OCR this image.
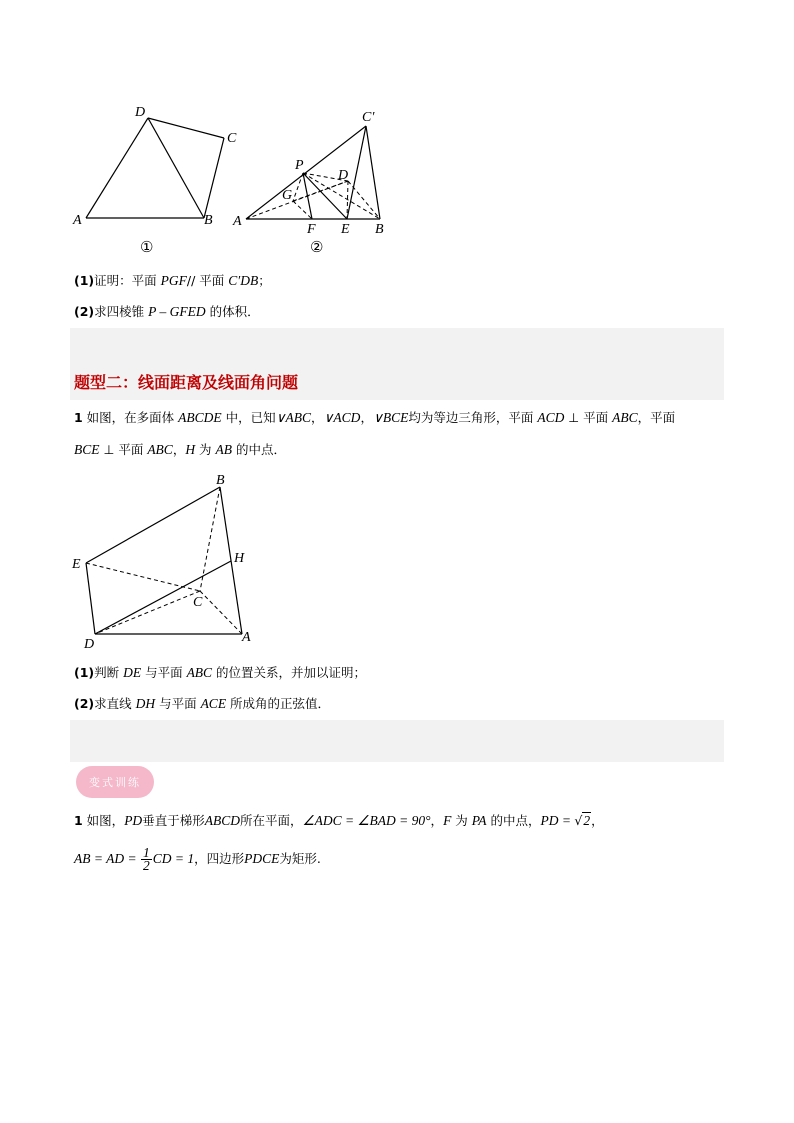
D
C
A	B
①
C′
P
D
G
A
F E B
②
(1)证明：平面 PGF// 平面 C′DB；
(2)求四棱锥 P – GFED 的体积．
题型二：线面距离及线面角问题
1 如图，在多面体 ABCDE 中，已知∨ABC，∨ACD，∨BCE均为等边三角形，平面 ACD ⊥ 平面 ABC，平面
BCE ⊥ 平面 ABC，H 为 AB 的中点．
B
E	H
C
D	A
(1)判断 DE 与平面 ABC 的位置关系，并加以证明；
(2)求直线 DH 与平面 ACE 所成角的正弦值．
变式训练
1 如图，PD垂直于梯形ABCD所在平面，∠ADC = ∠BAD = 90°，F 为 PA 的中点，PD = √2，
AB = AD = $\frac{1}{2}$ CD = 1，四边形PDCE为矩形.
